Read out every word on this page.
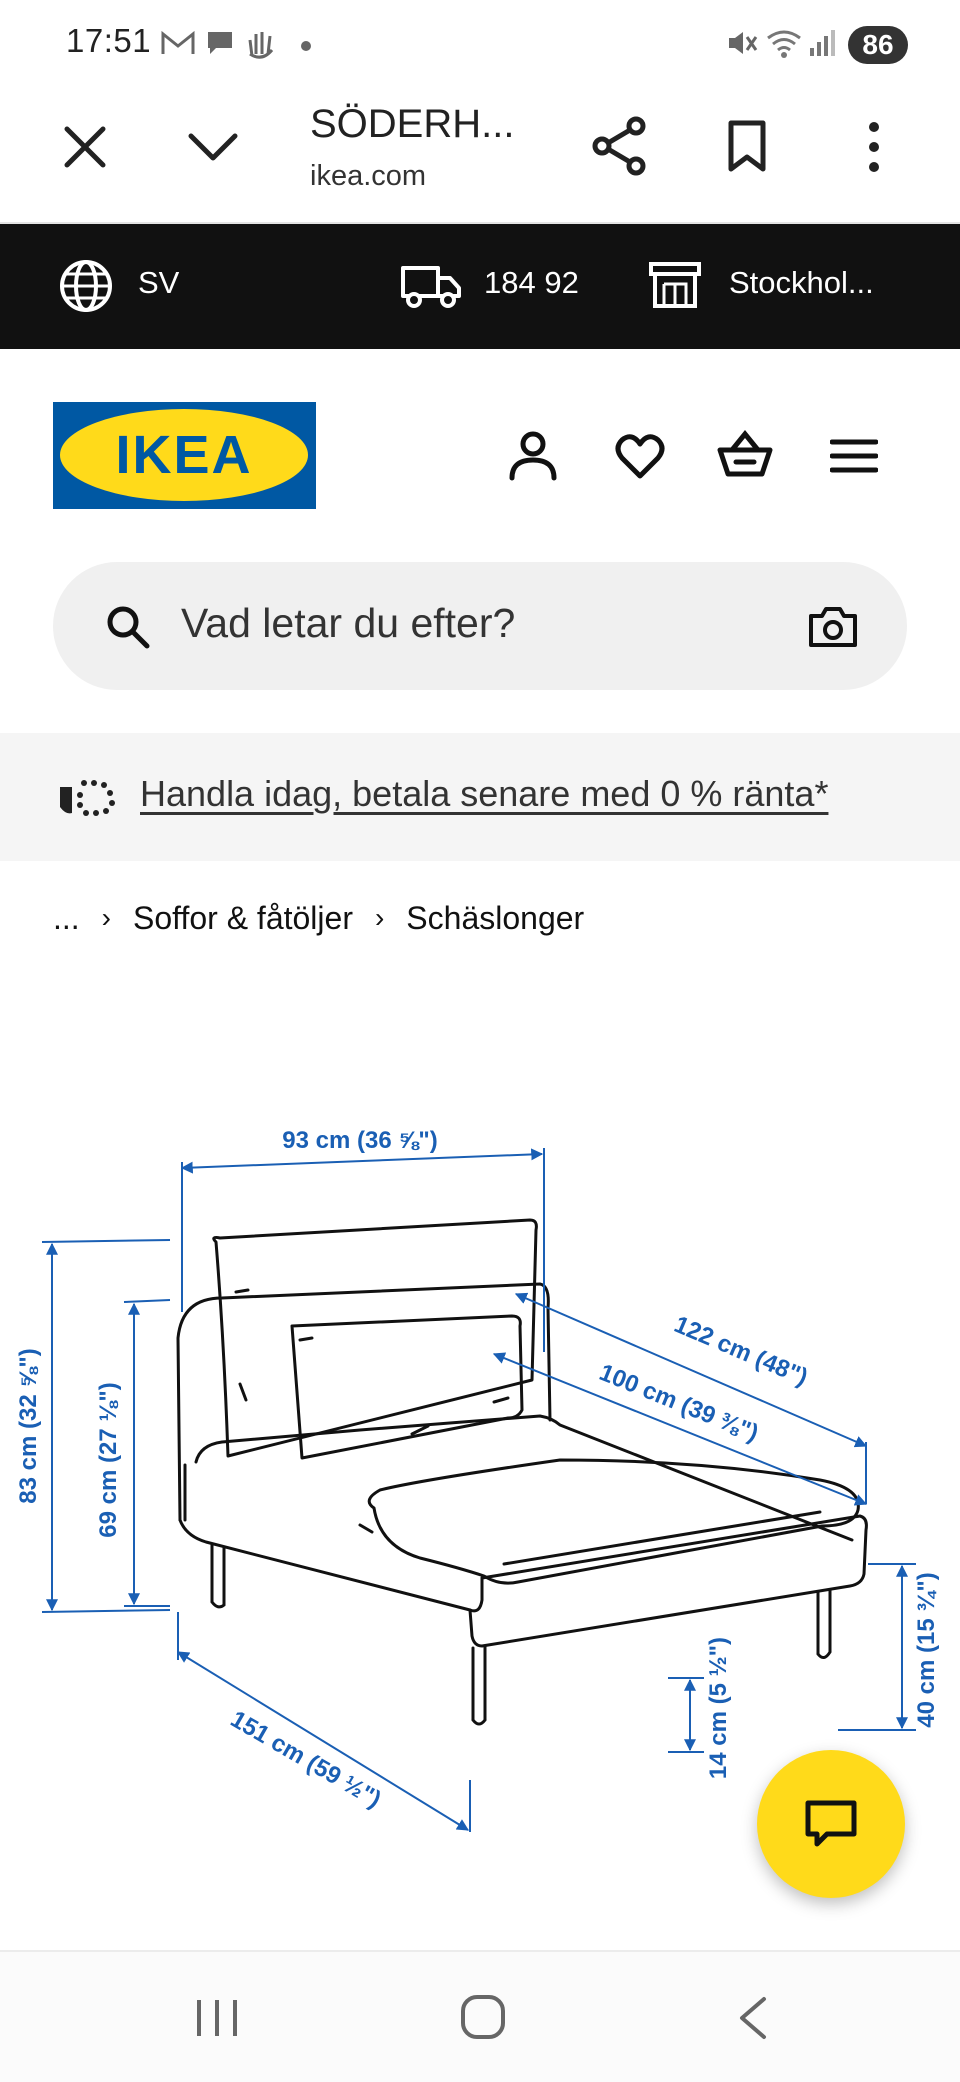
17:51	86
SÖDERH...
ikea.com
SV	184 92	Stockhol...
IKEA
Vad letar du efter?
Handla idag, betala senare med 0 % ränta*
... › Soffor & fåtöljer › Schäslonger
93 cm (36 ⅝")
122 cm (48")
100 cm (39 ⅜")
83 cm (32 ⅝") 69 cm (27 ⅛")
151 cm (59 ½")	14 cm (5 ½")	40 cm (15 ¾")
